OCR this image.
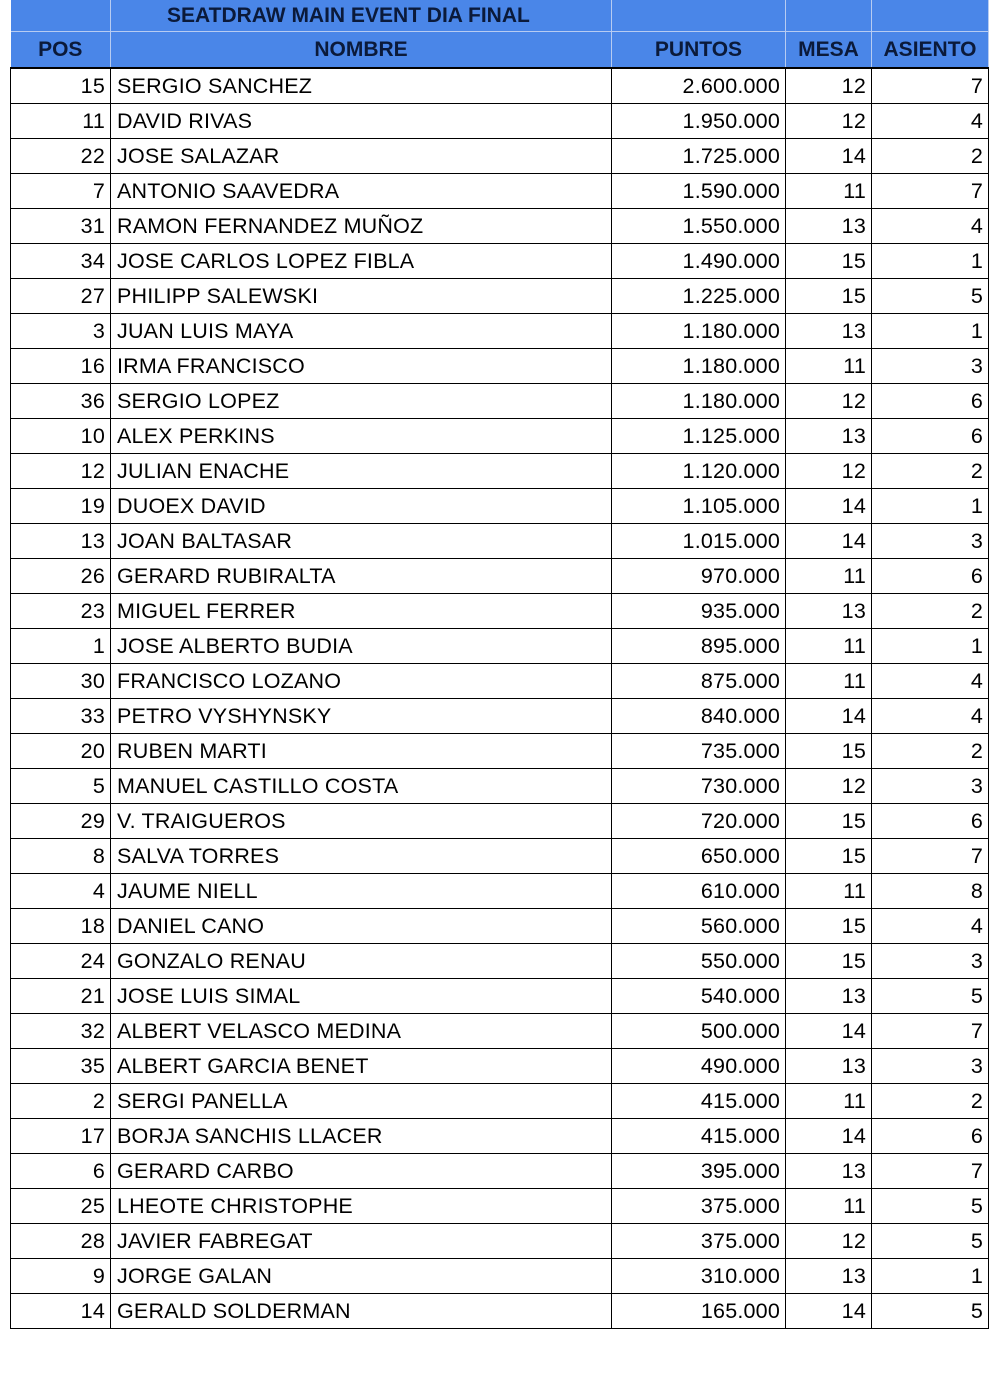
	SEATDRAW MAIN EVENT DIA FINAL			
POS	NOMBRE	PUNTOS	MESA	ASIENTO
15	SERGIO SANCHEZ	2.600.000	12	7
11	DAVID RIVAS	1.950.000	12	4
22	JOSE SALAZAR	1.725.000	14	2
7	ANTONIO SAAVEDRA	1.590.000	11	7
31	RAMON FERNANDEZ MUÑOZ	1.550.000	13	4
34	JOSE CARLOS LOPEZ FIBLA	1.490.000	15	1
27	PHILIPP SALEWSKI	1.225.000	15	5
3	JUAN LUIS MAYA	1.180.000	13	1
16	IRMA FRANCISCO	1.180.000	11	3
36	SERGIO LOPEZ	1.180.000	12	6
10	ALEX PERKINS	1.125.000	13	6
12	JULIAN ENACHE	1.120.000	12	2
19	DUOEX DAVID	1.105.000	14	1
13	JOAN BALTASAR	1.015.000	14	3
26	GERARD RUBIRALTA	970.000	11	6
23	MIGUEL FERRER	935.000	13	2
1	JOSE ALBERTO BUDIA	895.000	11	1
30	FRANCISCO LOZANO	875.000	11	4
33	PETRO VYSHYNSKY	840.000	14	4
20	RUBEN MARTI	735.000	15	2
5	MANUEL CASTILLO COSTA	730.000	12	3
29	V. TRAIGUEROS	720.000	15	6
8	SALVA TORRES	650.000	15	7
4	JAUME NIELL	610.000	11	8
18	DANIEL CANO	560.000	15	4
24	GONZALO RENAU	550.000	15	3
21	JOSE LUIS SIMAL	540.000	13	5
32	ALBERT VELASCO MEDINA	500.000	14	7
35	ALBERT GARCIA BENET	490.000	13	3
2	SERGI PANELLA	415.000	11	2
17	BORJA SANCHIS LLACER	415.000	14	6
6	GERARD CARBO	395.000	13	7
25	LHEOTE CHRISTOPHE	375.000	11	5
28	JAVIER FABREGAT	375.000	12	5
9	JORGE GALAN	310.000	13	1
14	GERALD SOLDERMAN	165.000	14	5
